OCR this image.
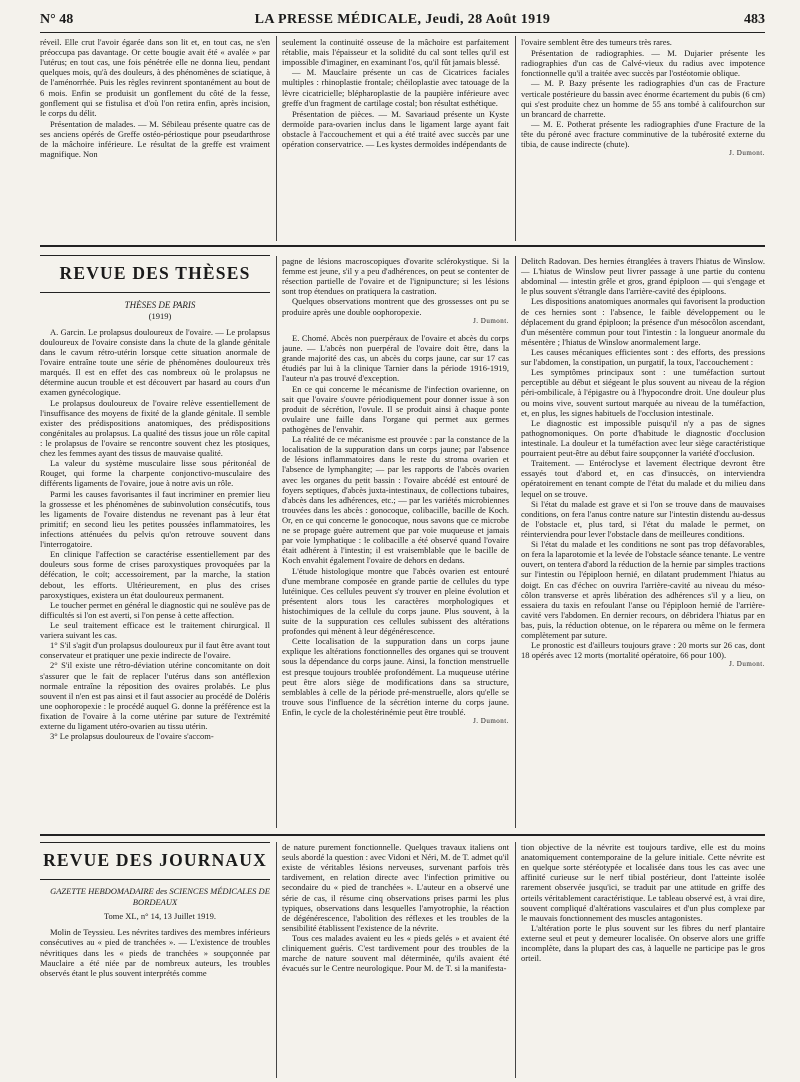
N° 48	LA PRESSE MÉDICALE, Jeudi, 28 Août 1919	483

réveil. Elle crut l'avoir égarée dans son lit et, en tout cas, ne s'en préoccupa pas davantage. Or cette bougie avait été « avalée » par l'utérus; en tout cas, une fois pénétrée elle ne donna lieu, pendant quelques mois, qu'à des douleurs, à des phénomènes de sciatique, à de l'aménorrhée. Puis les règles revinrent spontanément au bout de 6 mois. Enfin se produisit un gonflement du côté de la fesse, gonflement qui se fistulisa et d'où l'on retira enfin, après incision, le corps du délit.

Présentation de malades. — M. Sébileau présente quatre cas de ses anciens opérés de Greffe ostéo-périostique pour pseudarthrose de la mâchoire inférieure. Le résultat de la greffe est vraiment magnifique. Non

seulement la continuité osseuse de la mâchoire est parfaitement rétablie, mais l'épaisseur et la solidité du cal sont telles qu'il est impossible d'imaginer, en examinant l'os, qu'il fût jamais blessé.

— M. Mauclaire présente un cas de Cicatrices faciales multiples : rhinoplastie frontale; chéiloplastie avec tatouage de la lèvre cicatricielle; blépharoplastie de la paupière inférieure avec greffe d'un fragment de cartilage costal; bon résultat esthétique.

Présentation de pièces. — M. Savariaud présente un Kyste dermoïde para-ovarien inclus dans le ligament large ayant fait obstacle à l'accouchement et qui a été traité avec succès par une opération conservatrice. — Les kystes dermoïdes indépendants de

l'ovaire semblent être des tumeurs très rares.

Présentation de radiographies. — M. Dujarier présente les radiographies d'un cas de Calvé-vieux du radius avec impotence fonctionnelle qu'il a traitée avec succès par l'ostéotomie oblique.

— M. P. Bazy présente les radiographies d'un cas de Fracture verticale postérieure du bassin avec énorme écartement du pubis (6 cm) qui s'est produite chez un homme de 55 ans tombé à califourchon sur un brancard de charrette.

— M. E. Potherat présente les radiographies d'une Fracture de la tête du péroné avec fracture comminutive de la tubérosité externe du tibia, de cause indirecte (chute).

J. Dumont.

REVUE DES THÈSES

THÈSES DE PARIS

(1919)

A. Garcin. Le prolapsus douloureux de l'ovaire. — Le prolapsus douloureux de l'ovaire consiste dans la chute de la glande génitale dans le cavum rétro-utérin lorsque cette situation anormale de l'ovaire entraîne toute une série de phénomènes douloureux très marqués. Il est en effet des cas nombreux où le prolapsus ne détermine aucun trouble et est découvert par hasard au cours d'un examen gynécologique.

Le prolapsus douloureux de l'ovaire relève essentiellement de l'insuffisance des moyens de fixité de la glande génitale. Il semble exister des prédispositions anatomiques, des prédispositions congénitales au prolapsus. La qualité des tissus joue un rôle capital : le prolapsus de l'ovaire se rencontre souvent chez les ptosiques, chez les femmes ayant des tissus de mauvaise qualité.

La valeur du système musculaire lisse sous péritonéal de Rouget, qui forme la charpente conjonctivo-musculaire des différents ligaments de l'ovaire, joue à notre avis un rôle.

Parmi les causes favorisantes il faut incriminer en premier lieu la grossesse et les phénomènes de subinvolution consécutifs, tous les ligaments de l'ovaire distendus ne revenant pas à leur état primitif; en second lieu les petites poussées inflammatoires, les infections atténuées du pelvis qu'on retrouve souvent dans l'interrogatoire.

En clinique l'affection se caractérise essentiellement par des douleurs sous forme de crises paroxystiques provoquées par la défécation, le coït; accessoirement, par la marche, la station debout, les efforts. Ultérieurement, en plus des crises paroxystiques, existera un état douloureux permanent.

Le toucher permet en général le diagnostic qui ne soulève pas de difficultés si l'on est averti, si l'on pense à cette affection.

Le seul traitement efficace est le traitement chirurgical. Il variera suivant les cas.

1° S'il s'agit d'un prolapsus douloureux pur il faut être avant tout conservateur et pratiquer une pexie indirecte de l'ovaire.

2° S'il existe une rétro-déviation utérine concomitante on doit s'assurer que le fait de replacer l'utérus dans son antéflexion normale entraîne la réposition des ovaires prolabés. Le plus souvent il n'en est pas ainsi et il faut associer au procédé de Doléris une oophoropexie : le procédé auquel G. donne la préférence est la fixation de l'ovaire à la corne utérine par suture de l'extrémité externe du ligament utéro-ovarien au tissu utérin.

3° Le prolapsus douloureux de l'ovaire s'accom-

pagne de lésions macroscopiques d'ovarite sclérokystique. Si la femme est jeune, s'il y a peu d'adhérences, on peut se contenter de résection partielle de l'ovaire et de l'ignipuncture; si les lésions sont trop étendues on pratiquera la castration.

Quelques observations montrent que des grossesses ont pu se produire après une double oophoropexie.

J. Dumont.

E. Chomé. Abcès non puerpéraux de l'ovaire et abcès du corps jaune. — L'abcès non puerpéral de l'ovaire doit être, dans la grande majorité des cas, un abcès du corps jaune, car sur 17 cas étudiés par lui à la clinique Tarnier dans la période 1916-1919, l'auteur n'a pas trouvé d'exception.

En ce qui concerne le mécanisme de l'infection ovarienne, on sait que l'ovaire s'ouvre périodiquement pour donner issue à son produit de sécrétion, l'ovule. Il se produit ainsi à chaque ponte ovulaire une faille dans l'organe qui permet aux germes pathogènes de l'envahir.

La réalité de ce mécanisme est prouvée : par la constance de la localisation de la suppuration dans un corps jaune; par l'absence de lésions inflammatoires dans le reste du stroma ovarien et l'absence de lymphangite; — par les rapports de l'abcès ovarien avec les organes du petit bassin : l'ovaire abcédé est entouré de foyers septiques, d'abcès juxta-intestinaux, de collections tubaires, d'abcès dans les adhérences, etc.; — par les variétés microbiennes trouvées dans les abcès : gonocoque, colibacille, bacille de Koch. Or, en ce qui concerne le gonocoque, nous savons que ce microbe ne se propage guère autrement que par voie muqueuse et jamais par voie lymphatique : le colibacille a été observé quand l'ovaire était adhérent à l'intestin; il est vraisemblable que le bacille de Koch envahit également l'ovaire de dehors en dedans.

L'étude histologique montre que l'abcès ovarien est entouré d'une membrane composée en grande partie de cellules du type lutéinique. Ces cellules peuvent s'y trouver en pleine évolution et présentent alors tous les caractères morphologiques et histochimiques de la cellule du corps jaune. Plus souvent, à la suite de la suppuration ces cellules subissent des altérations profondes qui mènent à leur dégénérescence.

Cette localisation de la suppuration dans un corps jaune explique les altérations fonctionnelles des organes qui se trouvent sous la dépendance du corps jaune. Ainsi, la fonction menstruelle est presque toujours troublée profondément. La muqueuse utérine peut être alors siège de modifications dans sa structure, semblables à celle de la période pré-menstruelle, alors qu'elle se trouve sous l'influence de la sécrétion interne du corps jaune. Enfin, le cycle de la cholestérinémie peut être troublé.

J. Dumont.

Delitch Radovan. Des hernies étranglées à travers l'hiatus de Winslow. — L'hiatus de Winslow peut livrer passage à une partie du contenu abdominal — intestin grêle et gros, grand épiploon — qui s'engage et le plus souvent s'étrangle dans l'arrière-cavité des épiploons.

Les dispositions anatomiques anormales qui favorisent la production de ces hernies sont : l'absence, le faible développement ou le déplacement du grand épiploon; la présence d'un mésocôlon ascendant, d'un mésentère commun pour tout l'intestin : la longueur anormale du mésentère ; l'hiatus de Winslow anormalement large.

Les causes mécaniques efficientes sont : des efforts, des pressions sur l'abdomen, la constipation, un purgatif, la toux, l'accouchement :

Les symptômes principaux sont : une tuméfaction surtout perceptible au début et siégeant le plus souvent au niveau de la région péri-ombilicale, à l'épigastre ou à l'hypocondre droit. Une douleur plus ou moins vive, souvent surtout marquée au niveau de la tuméfaction, et, en plus, les signes habituels de l'occlusion intestinale.

Le diagnostic est impossible puisqu'il n'y a pas de signes pathognomoniques. On porte d'habitude le diagnostic d'occlusion intestinale. La douleur et la tuméfaction avec leur siège caractéristique pourraient peut-être au début faire soupçonner la variété d'occlusion.

Traitement. — Entéroclyse et lavement électrique devront être essayés tout d'abord et, en cas d'insuccès, on interviendra opératoirement en tenant compte de l'état du malade et du milieu dans lequel on se trouve.

Si l'état du malade est grave et si l'on se trouve dans de mauvaises conditions, on fera l'anus contre nature sur l'intestin distendu au-dessus de l'obstacle et, plus tard, si l'état du malade le permet, on réinterviendra pour lever l'obstacle dans de meilleures conditions.

Si l'état du malade et les conditions ne sont pas trop défavorables, on fera la laparotomie et la levée de l'obstacle séance tenante. Le ventre ouvert, on tentera d'abord la réduction de la hernie par simples tractions sur l'intestin ou l'épiploon hernié, en dilatant prudemment l'hiatus au doigt. En cas d'échec on ouvrira l'arrière-cavité au niveau du méso-côlon transverse et après libération des adhérences s'il y a lieu, on essaiera du taxis en refoulant l'anse ou l'épiploon hernié de l'arrière-cavité vers l'abdomen. En dernier recours, on débridera l'hiatus par en bas, puis, la réduction obtenue, on le réparera ou même on le fermera complètement par suture.

Le pronostic est d'ailleurs toujours grave : 20 morts sur 26 cas, dont 18 opérés avec 12 morts (mortalité opératoire, 66 pour 100).

J. Dumont.

REVUE DES JOURNAUX

GAZETTE HEBDOMADAIRE des SCIENCES MÉDICALES DE BORDEAUX

Tome XL, n° 14, 13 Juillet 1919.

Molin de Teyssieu. Les névrites tardives des membres inférieurs consécutives au « pied de tranchées ». — L'existence de troubles névritiques dans les « pieds de tranchées » soupçonnée par Mauclaire a été niée par de nombreux auteurs, les troubles observés étant le plus souvent interprétés comme

de nature purement fonctionnelle. Quelques travaux italiens ont seuls abordé la question : avec Vidoni et Néri, M. de T. admet qu'il existe de véritables lésions nerveuses, survenant parfois très tardivement, en relation directe avec l'infection primitive ou secondaire du « pied de tranchées ». L'auteur en a observé une série de cas, il résume cinq observations prises parmi les plus typiques, observations dans lesquelles l'amyotrophie, la réaction de dégénérescence, l'abolition des réflexes et les troubles de la sensibilité établissent l'existence de la névrite.

Tous ces malades avaient eu les « pieds gelés » et avaient été cliniquement guéris. C'est tardivement pour des troubles de la marche de nature souvent mal déterminée, qu'ils avaient été évacués sur le Centre neurologique. Pour M. de T. si la manifesta-

tion objective de la névrite est toujours tardive, elle est du moins anatomiquement contemporaine de la gelure initiale. Cette névrite est en quelque sorte stéréotypée et localisée dans tous les cas avec une affinité curieuse sur le nerf tibial postérieur, dont l'atteinte isolée rarement observée jusqu'ici, se traduit par une attitude en griffe des orteils véritablement caractéristique. Le tableau observé est, à vrai dire, souvent compliqué d'altérations vasculaires et d'un plus complexe par le mauvais fonctionnement des muscles antagonistes.

L'altération porte le plus souvent sur les fibres du nerf plantaire externe seul et peut y demeurer localisée. On observe alors une griffe incomplète, dans la plupart des cas, à laquelle ne participe pas le gros orteil.
